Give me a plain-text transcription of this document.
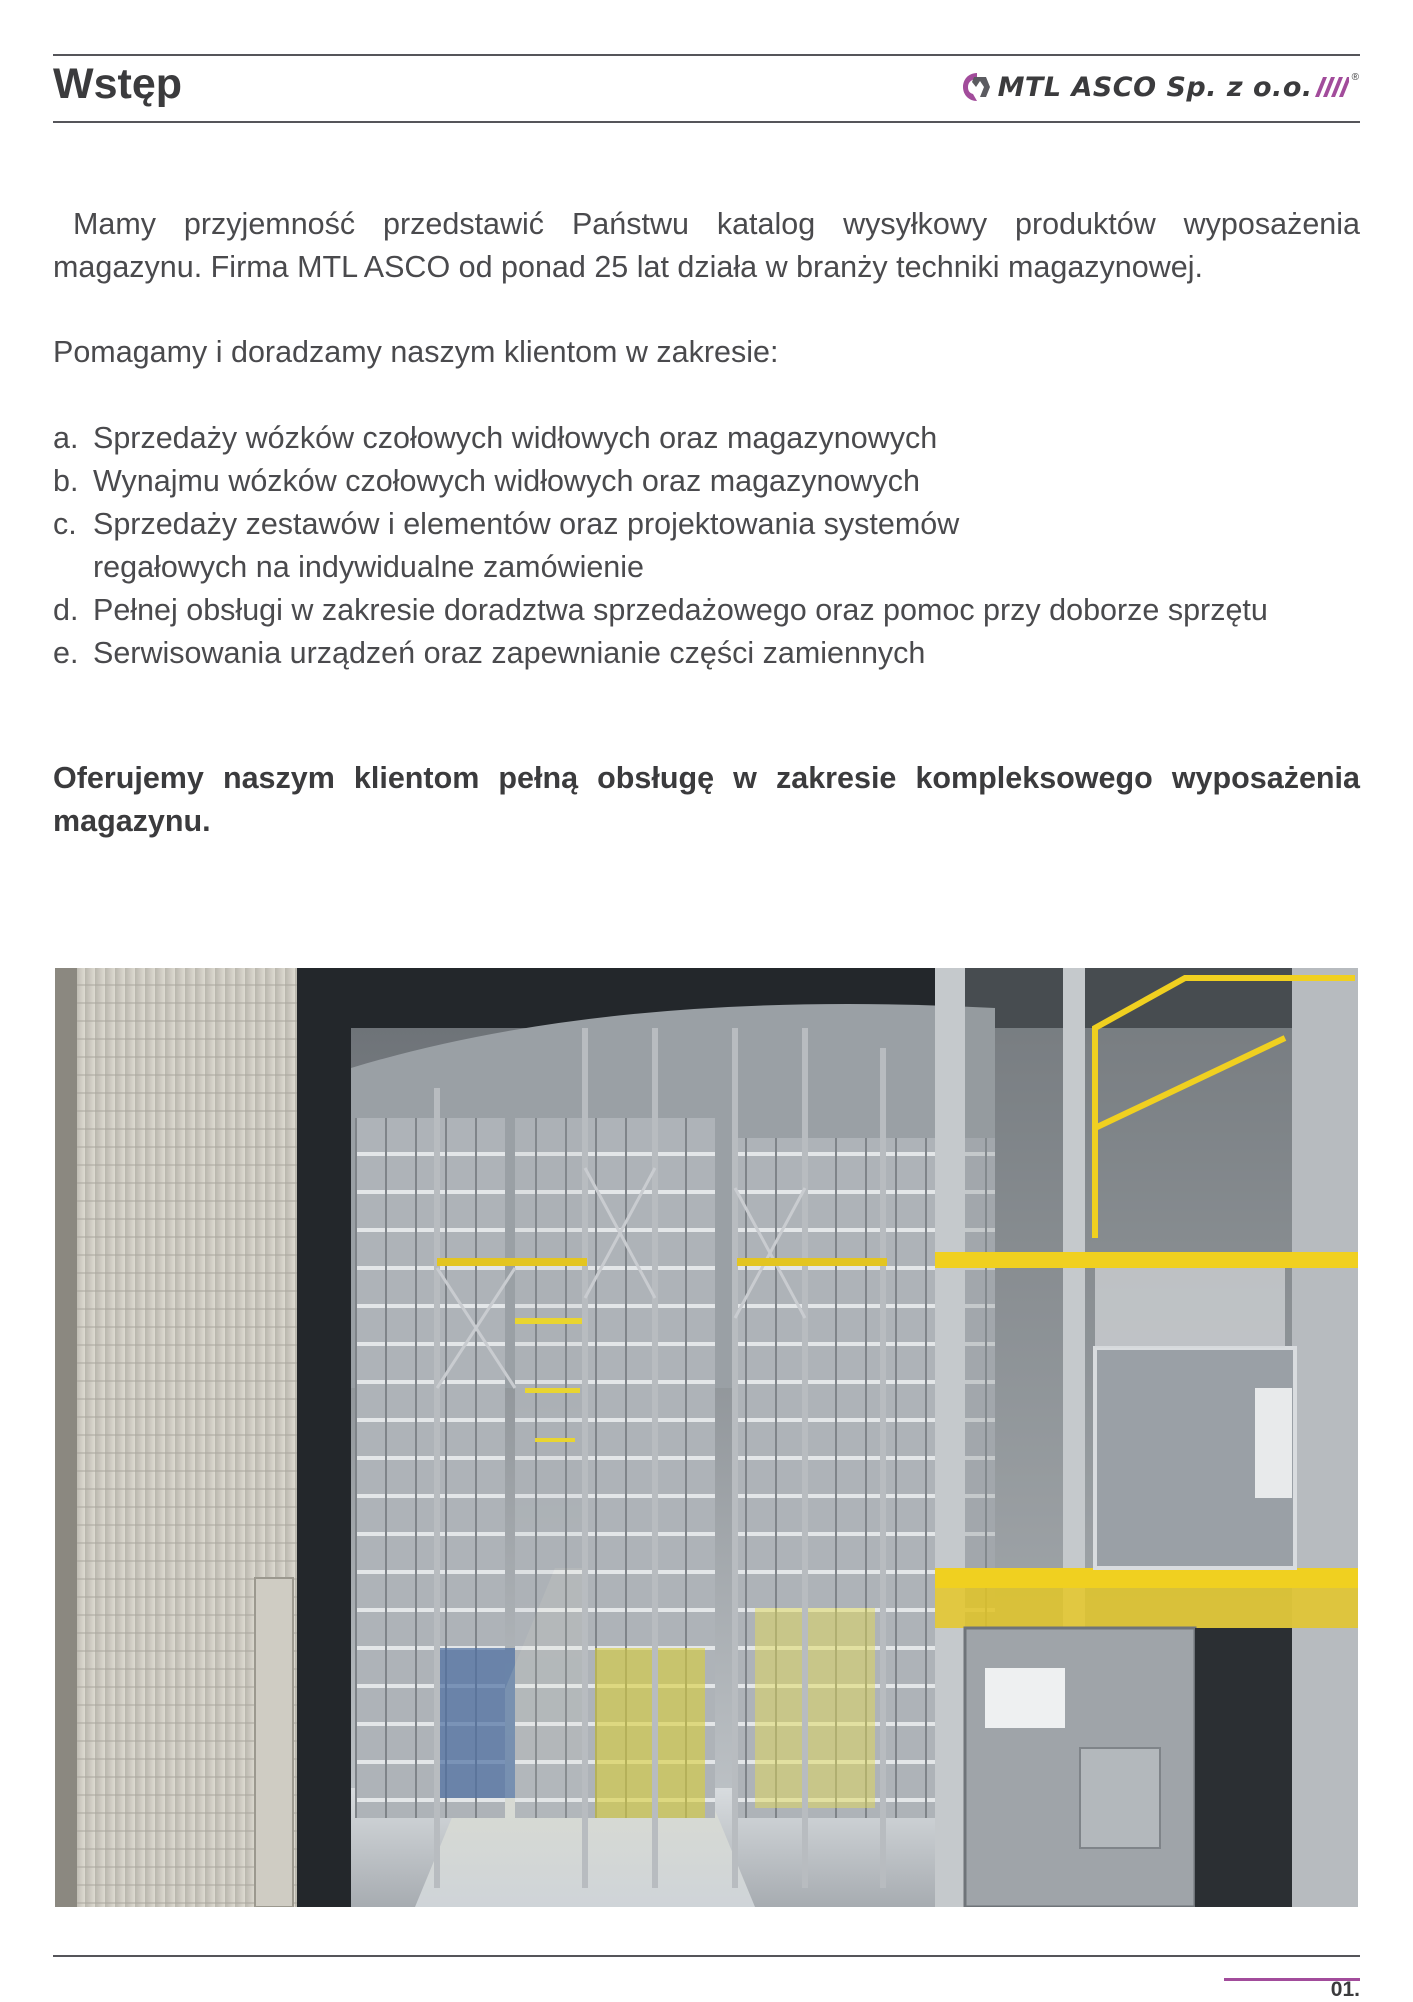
Wstęp	MTL ASCO Sp. z o.o.	®
Mamy przyjemność przedstawić Państwu katalog wysyłkowy produktów wyposażenia magazynu. Firma MTL ASCO od ponad 25 lat działa w branży techniki magazynowej.
Pomagamy i doradzamy naszym klientom w zakresie:
a. Sprzedaży wózków czołowych widłowych oraz magazynowych
b. Wynajmu wózków czołowych widłowych oraz magazynowych
c. Sprzedaży zestawów i elementów oraz projektowania systemów regałowych na indywidualne zamówienie
d. Pełnej obsługi w zakresie doradztwa sprzedażowego oraz pomoc przy doborze sprzętu
e. Serwisowania urządzeń oraz zapewnianie części zamiennych
Oferujemy naszym klientom pełną obsługę w zakresie kompleksowego wyposażenia magazynu.
01.
